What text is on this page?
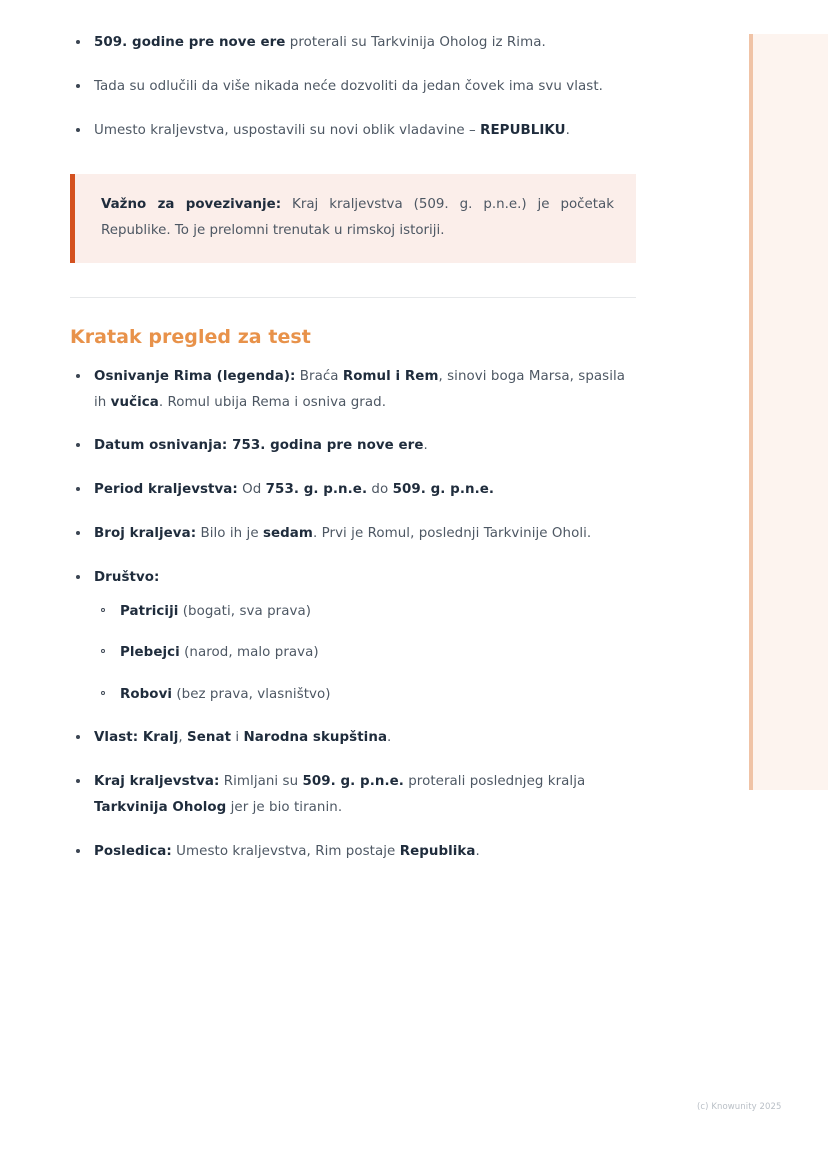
509. godine pre nove ere proterali su Tarkvinija Oholog iz Rima.
Tada su odlučili da više nikada neće dozvoliti da jedan čovek ima svu vlast.
Umesto kraljevstva, uspostavili su novi oblik vladavine – REPUBLIKU.

Važno za povezivanje: Kraj kraljevstva (509. g. p.n.e.) je početak Republike. To je prelomni trenutak u rimskoj istoriji.

Kratak pregled za test
Osnivanje Rima (legenda): Braća Romul i Rem, sinovi boga Marsa, spasila ih vučica. Romul ubija Rema i osniva grad.
Datum osnivanja: 753. godina pre nove ere.
Period kraljevstva: Od 753. g. p.n.e. do 509. g. p.n.e.
Broj kraljeva: Bilo ih je sedam. Prvi je Romul, poslednji Tarkvinije Oholi.
Društvo:
Patriciji (bogati, sva prava)
Plebejci (narod, malo prava)
Robovi (bez prava, vlasništvo)
Vlast: Kralj, Senat i Narodna skupština.
Kraj kraljevstva: Rimljani su 509. g. p.n.e. proterali poslednjeg kralja Tarkvinija Oholog jer je bio tiranin.
Posledica: Umesto kraljevstva, Rim postaje Republika.
(c) Knowunity 2025
